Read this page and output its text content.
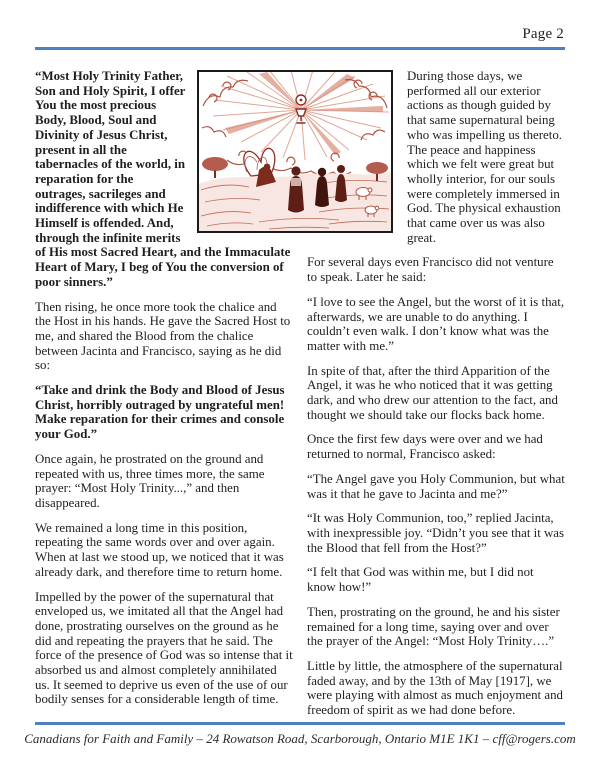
Page 2

“Most Holy Trinity Father, Son and Holy Spirit, I offer You the most precious Body, Blood, Soul and Divinity of Jesus Christ, present in all the tabernacles of the world, in reparation for the outrages, sacrileges and indifference with which He Himself is offended. And, through the infinite merits of His most Sacred Heart, and the Immaculate Heart of Mary, I beg of You the conversion of poor sinners.”

Then rising, he once more took the chalice and the Host in his hands. He gave the Sacred Host to me, and shared the Blood from the chalice between Jacinta and Francisco, saying as he did so:

“Take and drink the Body and Blood of Jesus Christ, horribly outraged by ungrateful men! Make reparation for their crimes and console your God.”

Once again, he prostrated on the ground and repeated with us, three times more, the same prayer: “Most Holy Trinity...,” and then disappeared.

We remained a long time in this position, repeating the same words over and over again. When at last we stood up, we noticed that it was already dark, and therefore time to return home.

Impelled by the power of the supernatural that enveloped us, we imitated all that the Angel had done, prostrating ourselves on the ground as he did and repeating the prayers that he said. The force of the presence of God was so intense that it absorbed us and almost completely annihilated us. It seemed to deprive us even of the use of our bodily senses for a considerable length of time.

During those days, we performed all our exterior actions as though guided by that same supernatural being who was impelling us thereto. The peace and happiness which we felt were great but wholly interior, for our souls were completely immersed in God. The physical exhaustion that came over us was also great.

For several days even Francisco did not venture to speak. Later he said:

“I love to see the Angel, but the worst of it is that, afterwards, we are unable to do anything. I couldn’t even walk. I don’t know what was the matter with me.”

In spite of that, after the third Apparition of the Angel, it was he who noticed that it was getting dark, and who drew our attention to the fact, and thought we should take our flocks back home.

Once the first few days were over and we had returned to normal, Francisco asked:

“The Angel gave you Holy Communion, but what was it that he gave to Jacinta and me?”

“It was Holy Communion, too,” replied Jacinta, with inexpressible joy. “Didn’t you see that it was the Blood that fell from the Host?”

“I felt that God was within me, but I did not know how!”

Then, prostrating on the ground, he and his sister remained for a long time, saying over and over the prayer of the Angel: “Most Holy Trinity….”

Little by little, the atmosphere of the supernatural faded away, and by the 13th of May [1917], we were playing with almost as much enjoyment and freedom of spirit as we had done before.

Canadians for Faith and Family – 24 Rowatson Road, Scarborough, Ontario M1E 1K1 – cff@rogers.com
